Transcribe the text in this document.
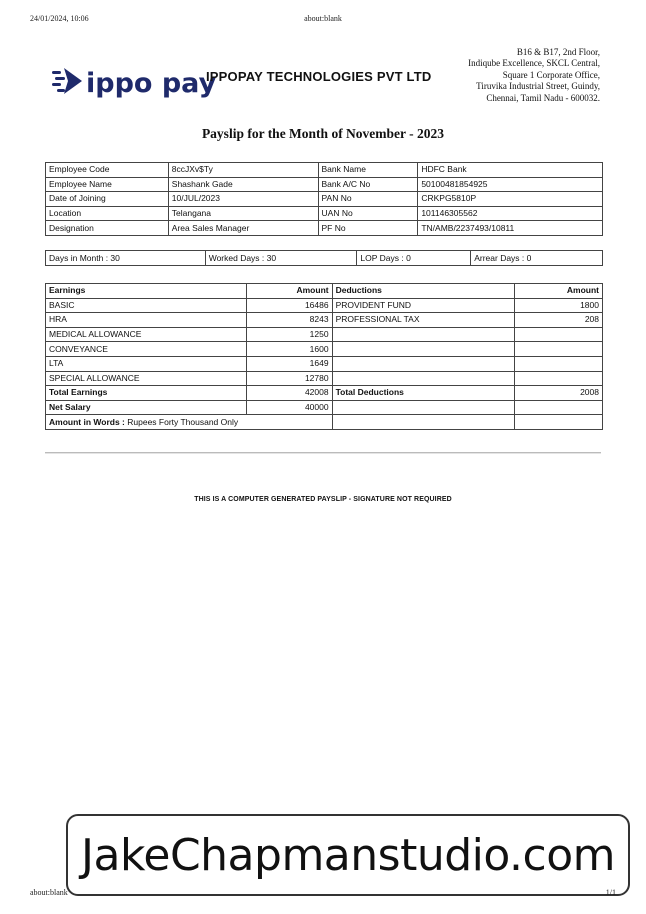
24/01/2024, 10:06	about:blank
ippo pay
IPPOPAY TECHNOLOGIES PVT LTD
B16 & B17, 2nd Floor,
Indiqube Excellence, SKCL Central,
Square 1 Corporate Office,
Tiruvika Industrial Street, Guindy,
Chennai, Tamil Nadu - 600032.
Payslip for the Month of November - 2023
Employee Code	8ccJXv$Ty	Bank Name	HDFC Bank
Employee Name	Shashank Gade	Bank A/C No	50100481854925
Date of Joining	10/JUL/2023	PAN No	CRKPG5810P
Location	Telangana	UAN No	101146305562
Designation	Area Sales Manager	PF No	TN/AMB/2237493/10811
Days in Month : 30	Worked Days : 30	LOP Days : 0	Arrear Days : 0
Earnings	Amount	Deductions	Amount
BASIC	16486	PROVIDENT FUND	1800
HRA	8243	PROFESSIONAL TAX	208
MEDICAL ALLOWANCE	1250		
CONVEYANCE	1600		
LTA	1649		
SPECIAL ALLOWANCE	12780		
Total Earnings	42008	Total Deductions	2008
Net Salary	40000		
Amount in Words : Rupees Forty Thousand Only			
THIS IS A COMPUTER GENERATED PAYSLIP - SIGNATURE NOT REQUIRED
JakeChapmanstudio.com
about:blank	1/1
